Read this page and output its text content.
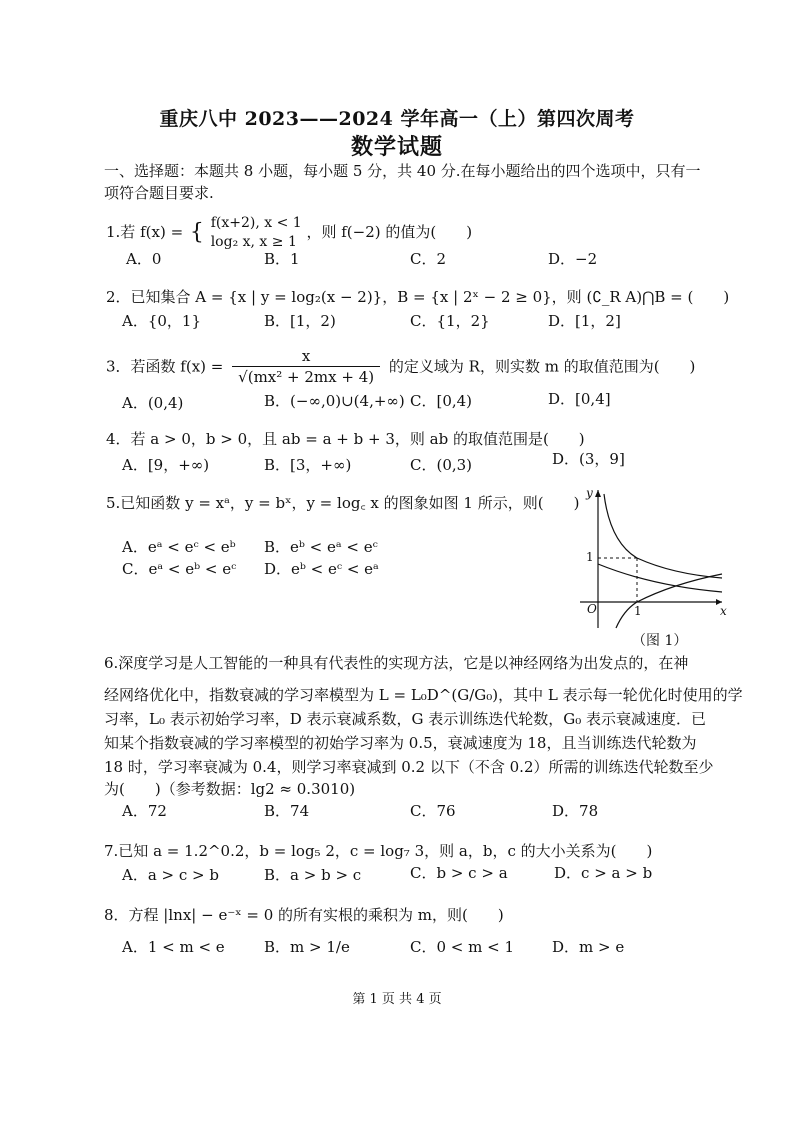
重庆八中 2023——2024 学年高一（上）第四次周考
数学试题
一、选择题：本题共 8 小题，每小题 5 分，共 40 分.在每小题给出的四个选项中，只有一
项符合题目要求.
1.若 f(x) = { f(x+2), x < 1
log₂ x, x ≥ 1
，则 f(−2) 的值为(　　)
A．0	B．1	C．2	D．−2
2．已知集合 A = {x | y = log₂(x − 2)}，B = {x | 2ˣ − 2 ≥ 0}，则 (∁_R A)⋂B = (　　)
A．{0，1}	B．[1，2)	C．{1，2}	D．[1，2]
3．若函数 $f(x) = \frac{x}{\text{√(mx² + 2mx + 4)}}$ 的定义域为 R，则实数 m 的取值范围为(　　)
A．(0,4)	B．(−∞,0)∪(4,+∞) C．[0,4)	D．[0,4]
4．若 a > 0，b > 0，且 ab = a + b + 3，则 ab 的取值范围是(　　)
A．[9，+∞)	B．[3，+∞)	C．(0,3)	D．(3，9]
5.已知函数 y = xᵃ，y = bˣ，y = log꜀ x 的图象如图 1 所示，则(　　)
A．eᵃ < eᶜ < eᵇ B．eᵇ < eᵃ < eᶜ
C．eᵃ < eᵇ < eᶜ D．eᵇ < eᶜ < eᵃ
y
x
O
1
1
（图 1）
6.深度学习是人工智能的一种具有代表性的实现方法，它是以神经网络为出发点的，在神
经网络优化中，指数衰减的学习率模型为 L = L₀D^(G/G₀)，其中 L 表示每一轮优化时使用的学
习率，L₀ 表示初始学习率，D 表示衰减系数，G 表示训练迭代轮数，G₀ 表示衰减速度．已
知某个指数衰减的学习率模型的初始学习率为 0.5，衰减速度为 18，且当训练迭代轮数为
18 时，学习率衰减为 0.4，则学习率衰减到 0.2 以下（不含 0.2）所需的训练迭代轮数至少
为(　　)（参考数据：lg2 ≈ 0.3010)
A．72	B．74	C．76	D．78
7.已知 a = 1.2^0.2，b = log₅ 2，c = log₇ 3，则 a，b，c 的大小关系为(　　)
A．a > c > b	B．a > b > c	C．b > c > a	D．c > a > b
8．方程 |lnx| − e⁻ˣ = 0 的所有实根的乘积为 m，则(　　)
A．1 < m < e	B．m > 1/e	C．0 < m < 1	D．m > e
第 1 页 共 4 页
